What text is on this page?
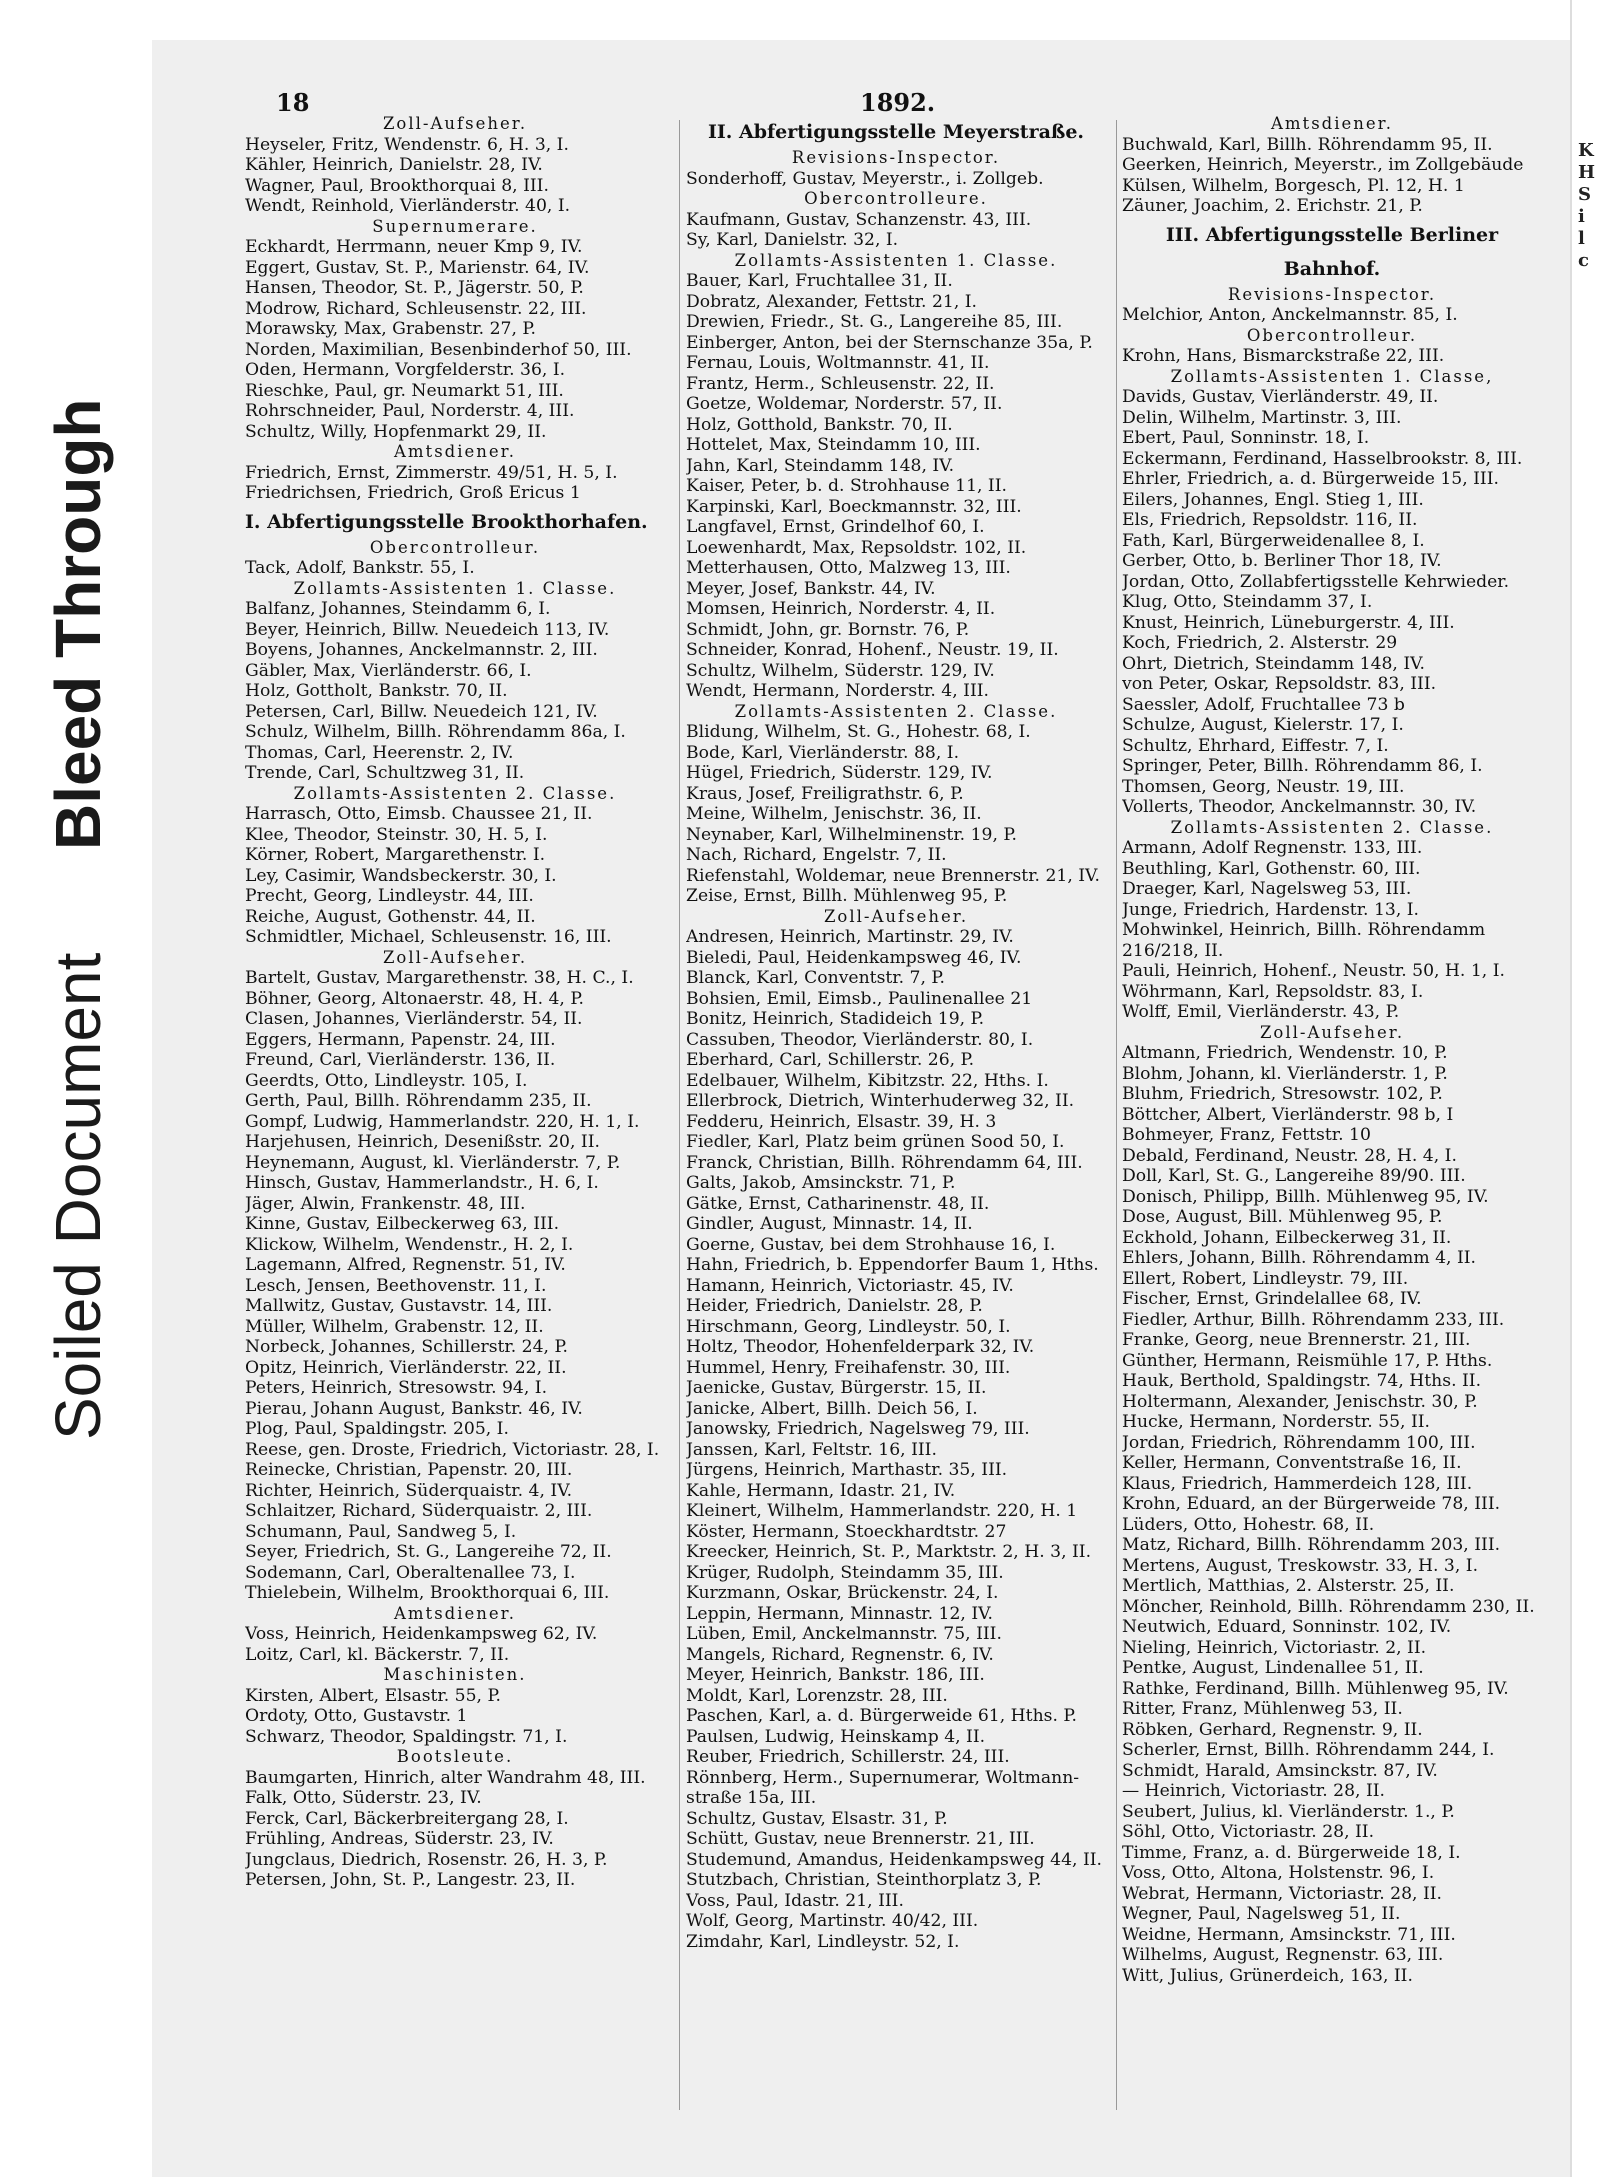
Soiled Document
Bleed Through
18	1892.
Zoll-Aufseher.
Heyseler, Fritz, Wendenstr. 6, H. 3, I.
Kähler, Heinrich, Danielstr. 28, IV.
Wagner, Paul, Brookthorquai 8, III.
Wendt, Reinhold, Vierländerstr. 40, I.
Supernumerare.
Eckhardt, Herrmann, neuer Kmp 9, IV.
Eggert, Gustav, St. P., Marienstr. 64, IV.
Hansen, Theodor, St. P., Jägerstr. 50, P.
Modrow, Richard, Schleusenstr. 22, III.
Morawsky, Max, Grabenstr. 27, P.
Norden, Maximilian, Besenbinderhof 50, III.
Oden, Hermann, Vorgfelderstr. 36, I.
Rieschke, Paul, gr. Neumarkt 51, III.
Rohrschneider, Paul, Norderstr. 4, III.
Schultz, Willy, Hopfenmarkt 29, II.
Amtsdiener.
Friedrich, Ernst, Zimmerstr. 49/51, H. 5, I.
Friedrichsen, Friedrich, Groß Ericus 1
I. Abfertigungsstelle Brookthorhafen.
Obercontrolleur.
Tack, Adolf, Bankstr. 55, I.
Zollamts-Assistenten 1. Classe.
Balfanz, Johannes, Steindamm 6, I.
Beyer, Heinrich, Billw. Neuedeich 113, IV.
Boyens, Johannes, Anckelmannstr. 2, III.
Gäbler, Max, Vierländerstr. 66, I.
Holz, Gottholt, Bankstr. 70, II.
Petersen, Carl, Billw. Neuedeich 121, IV.
Schulz, Wilhelm, Billh. Röhrendamm 86a, I.
Thomas, Carl, Heerenstr. 2, IV.
Trende, Carl, Schultzweg 31, II.
Zollamts-Assistenten 2. Classe.
Harrasch, Otto, Eimsb. Chaussee 21, II.
Klee, Theodor, Steinstr. 30, H. 5, I.
Körner, Robert, Margarethenstr. I.
Ley, Casimir, Wandsbeckerstr. 30, I.
Precht, Georg, Lindleystr. 44, III.
Reiche, August, Gothenstr. 44, II.
Schmidtler, Michael, Schleusenstr. 16, III.
Zoll-Aufseher.
Bartelt, Gustav, Margarethenstr. 38, H. C., I.
Böhner, Georg, Altonaerstr. 48, H. 4, P.
Clasen, Johannes, Vierländerstr. 54, II.
Eggers, Hermann, Papenstr. 24, III.
Freund, Carl, Vierländerstr. 136, II.
Geerdts, Otto, Lindleystr. 105, I.
Gerth, Paul, Billh. Röhrendamm 235, II.
Gompf, Ludwig, Hammerlandstr. 220, H. 1, I.
Harjehusen, Heinrich, Desenißstr. 20, II.
Heynemann, August, kl. Vierländerstr. 7, P.
Hinsch, Gustav, Hammerlandstr., H. 6, I.
Jäger, Alwin, Frankenstr. 48, III.
Kinne, Gustav, Eilbeckerweg 63, III.
Klickow, Wilhelm, Wendenstr., H. 2, I.
Lagemann, Alfred, Regnenstr. 51, IV.
Lesch, Jensen, Beethovenstr. 11, I.
Mallwitz, Gustav, Gustavstr. 14, III.
Müller, Wilhelm, Grabenstr. 12, II.
Norbeck, Johannes, Schillerstr. 24, P.
Opitz, Heinrich, Vierländerstr. 22, II.
Peters, Heinrich, Stresowstr. 94, I.
Pierau, Johann August, Bankstr. 46, IV.
Plog, Paul, Spaldingstr. 205, I.
Reese, gen. Droste, Friedrich, Victoriastr. 28, I.
Reinecke, Christian, Papenstr. 20, III.
Richter, Heinrich, Süderquaistr. 4, IV.
Schlaitzer, Richard, Süderquaistr. 2, III.
Schumann, Paul, Sandweg 5, I.
Seyer, Friedrich, St. G., Langereihe 72, II.
Sodemann, Carl, Oberaltenallee 73, I.
Thielebein, Wilhelm, Brookthorquai 6, III.
Amtsdiener.
Voss, Heinrich, Heidenkampsweg 62, IV.
Loitz, Carl, kl. Bäckerstr. 7, II.
Maschinisten.
Kirsten, Albert, Elsastr. 55, P.
Ordoty, Otto, Gustavstr. 1
Schwarz, Theodor, Spaldingstr. 71, I.
Bootsleute.
Baumgarten, Hinrich, alter Wandrahm 48, III.
Falk, Otto, Süderstr. 23, IV.
Ferck, Carl, Bäckerbreitergang 28, I.
Frühling, Andreas, Süderstr. 23, IV.
Jungclaus, Diedrich, Rosenstr. 26, H. 3, P.
Petersen, John, St. P., Langestr. 23, II.
II. Abfertigungsstelle Meyerstraße.
Revisions-Inspector.
Sonderhoff, Gustav, Meyerstr., i. Zollgeb.
Obercontrolleure.
Kaufmann, Gustav, Schanzenstr. 43, III.
Sy, Karl, Danielstr. 32, I.
Zollamts-Assistenten 1. Classe.
Bauer, Karl, Fruchtallee 31, II.
Dobratz, Alexander, Fettstr. 21, I.
Drewien, Friedr., St. G., Langereihe 85, III.
Einberger, Anton, bei der Sternschanze 35a, P.
Fernau, Louis, Woltmannstr. 41, II.
Frantz, Herm., Schleusenstr. 22, II.
Goetze, Woldemar, Norderstr. 57, II.
Holz, Gotthold, Bankstr. 70, II.
Hottelet, Max, Steindamm 10, III.
Jahn, Karl, Steindamm 148, IV.
Kaiser, Peter, b. d. Strohhause 11, II.
Karpinski, Karl, Boeckmannstr. 32, III.
Langfavel, Ernst, Grindelhof 60, I.
Loewenhardt, Max, Repsoldstr. 102, II.
Metterhausen, Otto, Malzweg 13, III.
Meyer, Josef, Bankstr. 44, IV.
Momsen, Heinrich, Norderstr. 4, II.
Schmidt, John, gr. Bornstr. 76, P.
Schneider, Konrad, Hohenf., Neustr. 19, II.
Schultz, Wilhelm, Süderstr. 129, IV.
Wendt, Hermann, Norderstr. 4, III.
Zollamts-Assistenten 2. Classe.
Blidung, Wilhelm, St. G., Hohestr. 68, I.
Bode, Karl, Vierländerstr. 88, I.
Hügel, Friedrich, Süderstr. 129, IV.
Kraus, Josef, Freiligrathstr. 6, P.
Meine, Wilhelm, Jenischstr. 36, II.
Neynaber, Karl, Wilhelminenstr. 19, P.
Nach, Richard, Engelstr. 7, II.
Riefenstahl, Woldemar, neue Brennerstr. 21, IV.
Zeise, Ernst, Billh. Mühlenweg 95, P.
Zoll-Aufseher.
Andresen, Heinrich, Martinstr. 29, IV.
Bieledi, Paul, Heidenkampsweg 46, IV.
Blanck, Karl, Conventstr. 7, P.
Bohsien, Emil, Eimsb., Paulinenallee 21
Bonitz, Heinrich, Stadideich 19, P.
Cassuben, Theodor, Vierländerstr. 80, I.
Eberhard, Carl, Schillerstr. 26, P.
Edelbauer, Wilhelm, Kibitzstr. 22, Hths. I.
Ellerbrock, Dietrich, Winterhuderweg 32, II.
Fedderu, Heinrich, Elsastr. 39, H. 3
Fiedler, Karl, Platz beim grünen Sood 50, I.
Franck, Christian, Billh. Röhrendamm 64, III.
Galts, Jakob, Amsinckstr. 71, P.
Gätke, Ernst, Catharinenstr. 48, II.
Gindler, August, Minnastr. 14, II.
Goerne, Gustav, bei dem Strohhause 16, I.
Hahn, Friedrich, b. Eppendorfer Baum 1, Hths.
Hamann, Heinrich, Victoriastr. 45, IV.
Heider, Friedrich, Danielstr. 28, P.
Hirschmann, Georg, Lindleystr. 50, I.
Holtz, Theodor, Hohenfelderpark 32, IV.
Hummel, Henry, Freihafenstr. 30, III.
Jaenicke, Gustav, Bürgerstr. 15, II.
Janicke, Albert, Billh. Deich 56, I.
Janowsky, Friedrich, Nagelsweg 79, III.
Janssen, Karl, Feltstr. 16, III.
Jürgens, Heinrich, Marthastr. 35, III.
Kahle, Hermann, Idastr. 21, IV.
Kleinert, Wilhelm, Hammerlandstr. 220, H. 1
Köster, Hermann, Stoeckhardtstr. 27
Kreecker, Heinrich, St. P., Marktstr. 2, H. 3, II.
Krüger, Rudolph, Steindamm 35, III.
Kurzmann, Oskar, Brückenstr. 24, I.
Leppin, Hermann, Minnastr. 12, IV.
Lüben, Emil, Anckelmannstr. 75, III.
Mangels, Richard, Regnenstr. 6, IV.
Meyer, Heinrich, Bankstr. 186, III.
Moldt, Karl, Lorenzstr. 28, III.
Paschen, Karl, a. d. Bürgerweide 61, Hths. P.
Paulsen, Ludwig, Heinskamp 4, II.
Reuber, Friedrich, Schillerstr. 24, III.
Rönnberg, Herm., Supernumerar, Woltmann-
straße 15a, III.
Schultz, Gustav, Elsastr. 31, P.
Schütt, Gustav, neue Brennerstr. 21, III.
Studemund, Amandus, Heidenkampsweg 44, II.
Stutzbach, Christian, Steinthorplatz 3, P.
Voss, Paul, Idastr. 21, III.
Wolf, Georg, Martinstr. 40/42, III.
Zimdahr, Karl, Lindleystr. 52, I.
Amtsdiener.
Buchwald, Karl, Billh. Röhrendamm 95, II.
Geerken, Heinrich, Meyerstr., im Zollgebäude
Külsen, Wilhelm, Borgesch, Pl. 12, H. 1
Zäuner, Joachim, 2. Erichstr. 21, P.
III. Abfertigungsstelle Berliner
Bahnhof.
Revisions-Inspector.
Melchior, Anton, Anckelmannstr. 85, I.
Obercontrolleur.
Krohn, Hans, Bismarckstraße 22, III.
Zollamts-Assistenten 1. Classe,
Davids, Gustav, Vierländerstr. 49, II.
Delin, Wilhelm, Martinstr. 3, III.
Ebert, Paul, Sonninstr. 18, I.
Eckermann, Ferdinand, Hasselbrookstr. 8, III.
Ehrler, Friedrich, a. d. Bürgerweide 15, III.
Eilers, Johannes, Engl. Stieg 1, III.
Els, Friedrich, Repsoldstr. 116, II.
Fath, Karl, Bürgerweidenallee 8, I.
Gerber, Otto, b. Berliner Thor 18, IV.
Jordan, Otto, Zollabfertigsstelle Kehrwieder.
Klug, Otto, Steindamm 37, I.
Knust, Heinrich, Lüneburgerstr. 4, III.
Koch, Friedrich, 2. Alsterstr. 29
Ohrt, Dietrich, Steindamm 148, IV.
von Peter, Oskar, Repsoldstr. 83, III.
Saessler, Adolf, Fruchtallee 73 b
Schulze, August, Kielerstr. 17, I.
Schultz, Ehrhard, Eiffestr. 7, I.
Springer, Peter, Billh. Röhrendamm 86, I.
Thomsen, Georg, Neustr. 19, III.
Vollerts, Theodor, Anckelmannstr. 30, IV.
Zollamts-Assistenten 2. Classe.
Armann, Adolf Regnenstr. 133, III.
Beuthling, Karl, Gothenstr. 60, III.
Draeger, Karl, Nagelsweg 53, III.
Junge, Friedrich, Hardenstr. 13, I.
Mohwinkel, Heinrich, Billh. Röhrendamm
216/218, II.
Pauli, Heinrich, Hohenf., Neustr. 50, H. 1, I.
Wöhrmann, Karl, Repsoldstr. 83, I.
Wolff, Emil, Vierländerstr. 43, P.
Zoll-Aufseher.
Altmann, Friedrich, Wendenstr. 10, P.
Blohm, Johann, kl. Vierländerstr. 1, P.
Bluhm, Friedrich, Stresowstr. 102, P.
Böttcher, Albert, Vierländerstr. 98 b, I
Bohmeyer, Franz, Fettstr. 10
Debald, Ferdinand, Neustr. 28, H. 4, I.
Doll, Karl, St. G., Langereihe 89/90. III.
Donisch, Philipp, Billh. Mühlenweg 95, IV.
Dose, August, Bill. Mühlenweg 95, P.
Eckhold, Johann, Eilbeckerweg 31, II.
Ehlers, Johann, Billh. Röhrendamm 4, II.
Ellert, Robert, Lindleystr. 79, III.
Fischer, Ernst, Grindelallee 68, IV.
Fiedler, Arthur, Billh. Röhrendamm 233, III.
Franke, Georg, neue Brennerstr. 21, III.
Günther, Hermann, Reismühle 17, P. Hths.
Hauk, Berthold, Spaldingstr. 74, Hths. II.
Holtermann, Alexander, Jenischstr. 30, P.
Hucke, Hermann, Norderstr. 55, II.
Jordan, Friedrich, Röhrendamm 100, III.
Keller, Hermann, Conventstraße 16, II.
Klaus, Friedrich, Hammerdeich 128, III.
Krohn, Eduard, an der Bürgerweide 78, III.
Lüders, Otto, Hohestr. 68, II.
Matz, Richard, Billh. Röhrendamm 203, III.
Mertens, August, Treskowstr. 33, H. 3, I.
Mertlich, Matthias, 2. Alsterstr. 25, II.
Möncher, Reinhold, Billh. Röhrendamm 230, II.
Neutwich, Eduard, Sonninstr. 102, IV.
Nieling, Heinrich, Victoriastr. 2, II.
Pentke, August, Lindenallee 51, II.
Rathke, Ferdinand, Billh. Mühlenweg 95, IV.
Ritter, Franz, Mühlenweg 53, II.
Röbken, Gerhard, Regnenstr. 9, II.
Scherler, Ernst, Billh. Röhrendamm 244, I.
Schmidt, Harald, Amsinckstr. 87, IV.
— Heinrich, Victoriastr. 28, II.
Seubert, Julius, kl. Vierländerstr. 1., P.
Söhl, Otto, Victoriastr. 28, II.
Timme, Franz, a. d. Bürgerweide 18, I.
Voss, Otto, Altona, Holstenstr. 96, I.
Webrat, Hermann, Victoriastr. 28, II.
Wegner, Paul, Nagelsweg 51, II.
Weidne, Hermann, Amsinckstr. 71, III.
Wilhelms, August, Regnenstr. 63, III.
Witt, Julius, Grünerdeich, 163, II.
K
H
S
i
l
c
